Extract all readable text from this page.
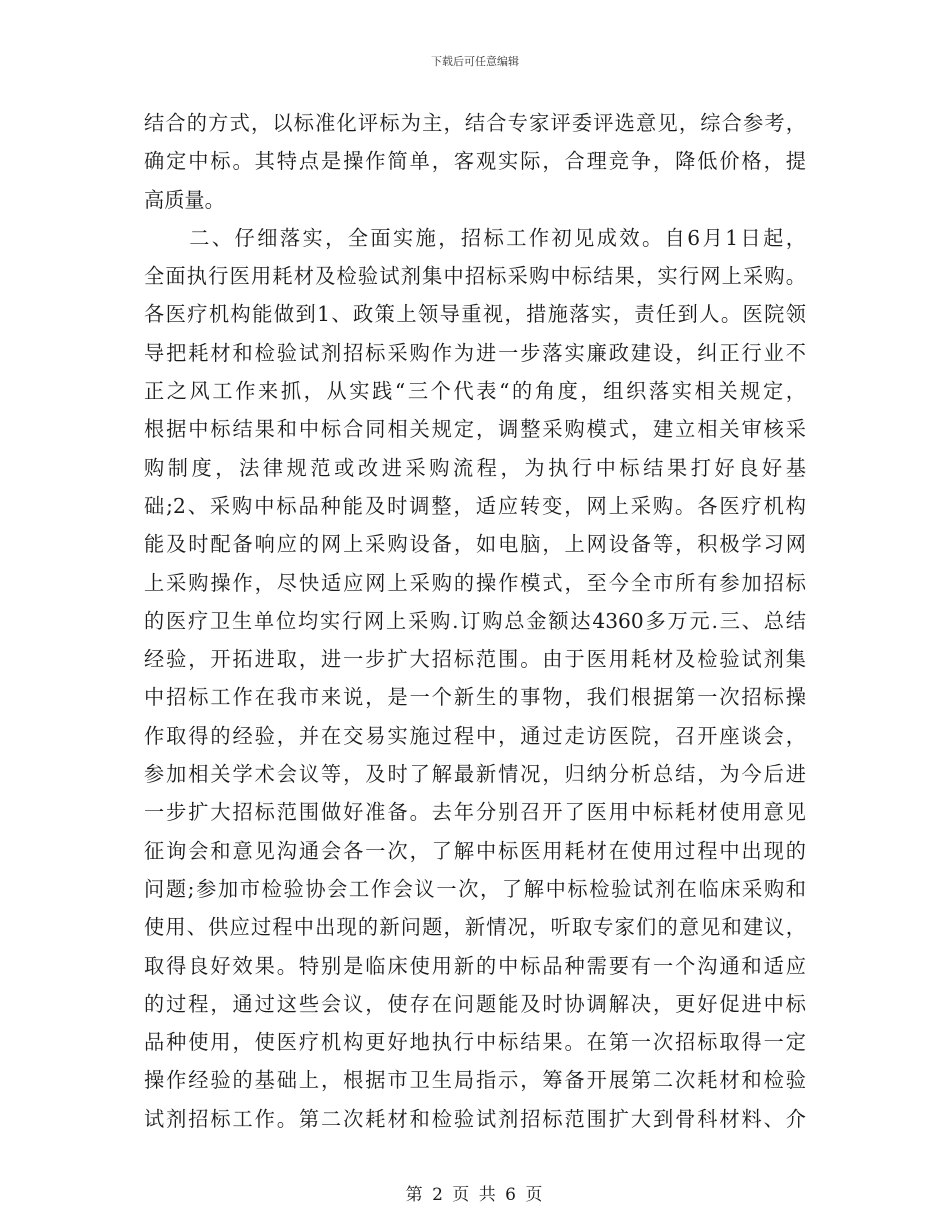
下载后可任意编辑
结合的方式，以标准化评标为主，结合专家评委评选意见，综合参考，
确定中标。其特点是操作简单，客观实际，合理竞争，降低价格，提
高质量。
　　二、仔细落实，全面实施，招标工作初见成效。自6月1日起，
全面执行医用耗材及检验试剂集中招标采购中标结果，实行网上采购。
各医疗机构能做到1、政策上领导重视，措施落实，责任到人。医院领
导把耗材和检验试剂招标采购作为进一步落实廉政建设，纠正行业不
正之风工作来抓，从实践“三个代表“的角度，组织落实相关规定，
根据中标结果和中标合同相关规定，调整采购模式，建立相关审核采
购制度，法律规范或改进采购流程，为执行中标结果打好良好基
础;2、采购中标品种能及时调整，适应转变，网上采购。各医疗机构
能及时配备响应的网上采购设备，如电脑，上网设备等，积极学习网
上采购操作，尽快适应网上采购的操作模式，至今全市所有参加招标
的医疗卫生单位均实行网上采购.订购总金额达4360多万元.三、总结
经验，开拓进取，进一步扩大招标范围。由于医用耗材及检验试剂集
中招标工作在我市来说，是一个新生的事物，我们根据第一次招标操
作取得的经验，并在交易实施过程中，通过走访医院，召开座谈会，
参加相关学术会议等，及时了解最新情况，归纳分析总结，为今后进
一步扩大招标范围做好准备。去年分别召开了医用中标耗材使用意见
征询会和意见沟通会各一次，了解中标医用耗材在使用过程中出现的
问题;参加市检验协会工作会议一次，了解中标检验试剂在临床采购和
使用、供应过程中出现的新问题，新情况，听取专家们的意见和建议，
取得良好效果。特别是临床使用新的中标品种需要有一个沟通和适应
的过程，通过这些会议，使存在问题能及时协调解决，更好促进中标
品种使用，使医疗机构更好地执行中标结果。在第一次招标取得一定
操作经验的基础上，根据市卫生局指示，筹备开展第二次耗材和检验
试剂招标工作。第二次耗材和检验试剂招标范围扩大到骨科材料、介
第 2 页 共 6 页
